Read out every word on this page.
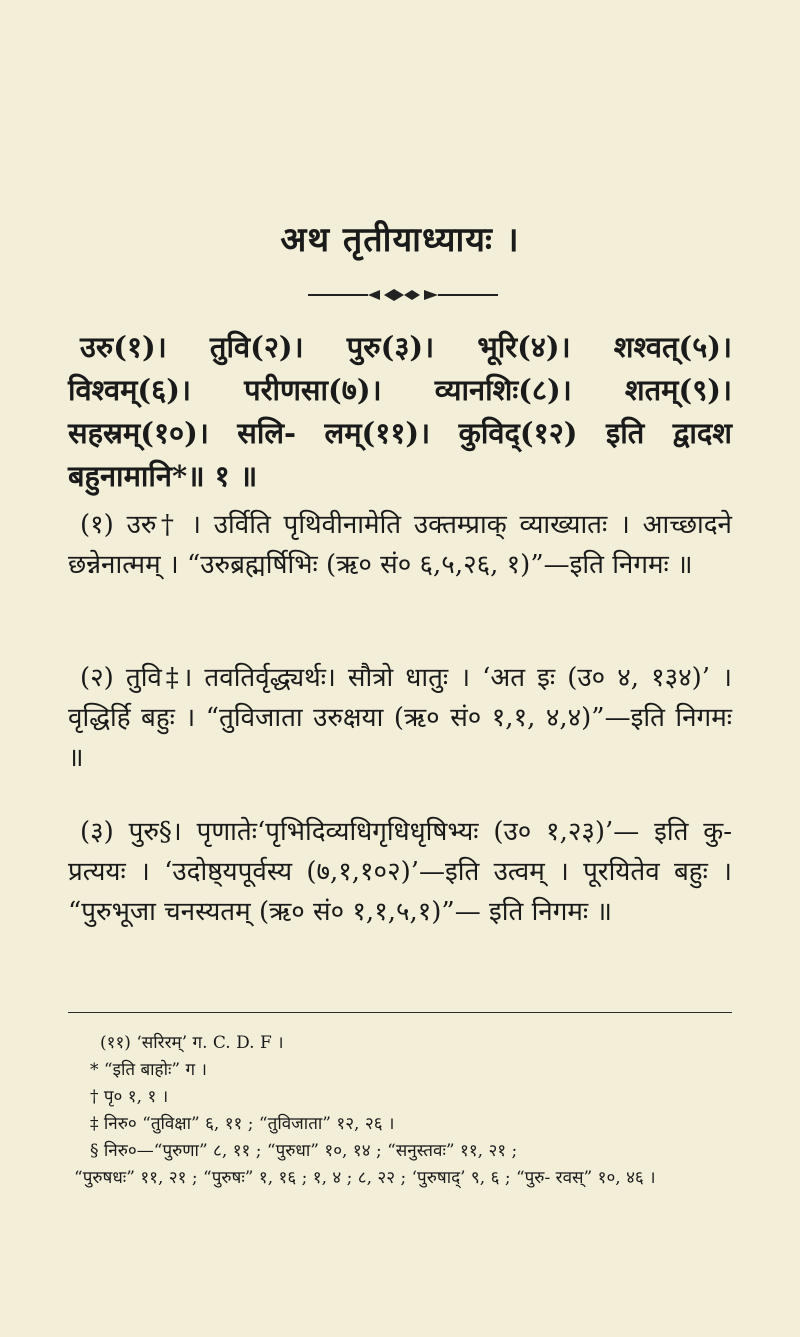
अथ तृतीयाध्यायः ।

उरु(१)। तुवि(२)। पुरु(३)। भूरि(४)। शश्वत्(५)। विश्वम्(६)। परीणसा(७)। व्यानशिः(८)। शतम्(९)। सहस्रम्(१०)। सलि- लम्(११)। कुविद्(१२) इति द्वादश बहुनामानि*॥ १ ॥

(१) उरु† । उर्विति पृथिवीनामेति उक्तम्प्राक् व्याख्यातः । आच्छादने छन्नेनात्मम् । “उरुब्रह्मर्षिभिः (ऋ० सं० ६,५,२६, १)”—इति निगमः ॥

(२) तुवि‡। तवतिर्वृद्ध्यर्थः। सौत्रो धातुः । ‘अत इः (उ० ४, १३४)’ । वृद्धिर्हि बहुः । “तुविजाता उरुक्षया (ऋ० सं० १,१, ४,४)”—इति निगमः ॥

(३) पुरु§। पृणातेः‘पृभिदिव्यधिगृधिधृषिभ्यः (उ० १,२३)’— इति कु-प्रत्ययः । ‘उदोष्ठ्यपूर्वस्य (७,१,१०२)’—इति उत्वम् । पूरयितेव बहुः । “पुरुभूजा चनस्यतम् (ऋ० सं० १,१,५,१)”— इति निगमः ॥

(११) ‘सरिरम्’ ग. C. D. F ।

* “इति बाहोः” ग ।

† पृ० १, १ ।

‡ निरु० “तुविक्षा” ६, ११ ; “तुविजाता” १२, २६ ।

§ निरु०—“पुरुणा” ८, ११ ; “पुरुधा” १०, १४ ; “सनुस्तवः” ११, २१ ;

“पुरुषधः” ११, २१ ; “पुरुषः” १, १६ ; १, ४ ; ८, २२ ; ‘पुरुषाद्’ ९, ६ ; “पुरु- रवस्” १०, ४६ ।
